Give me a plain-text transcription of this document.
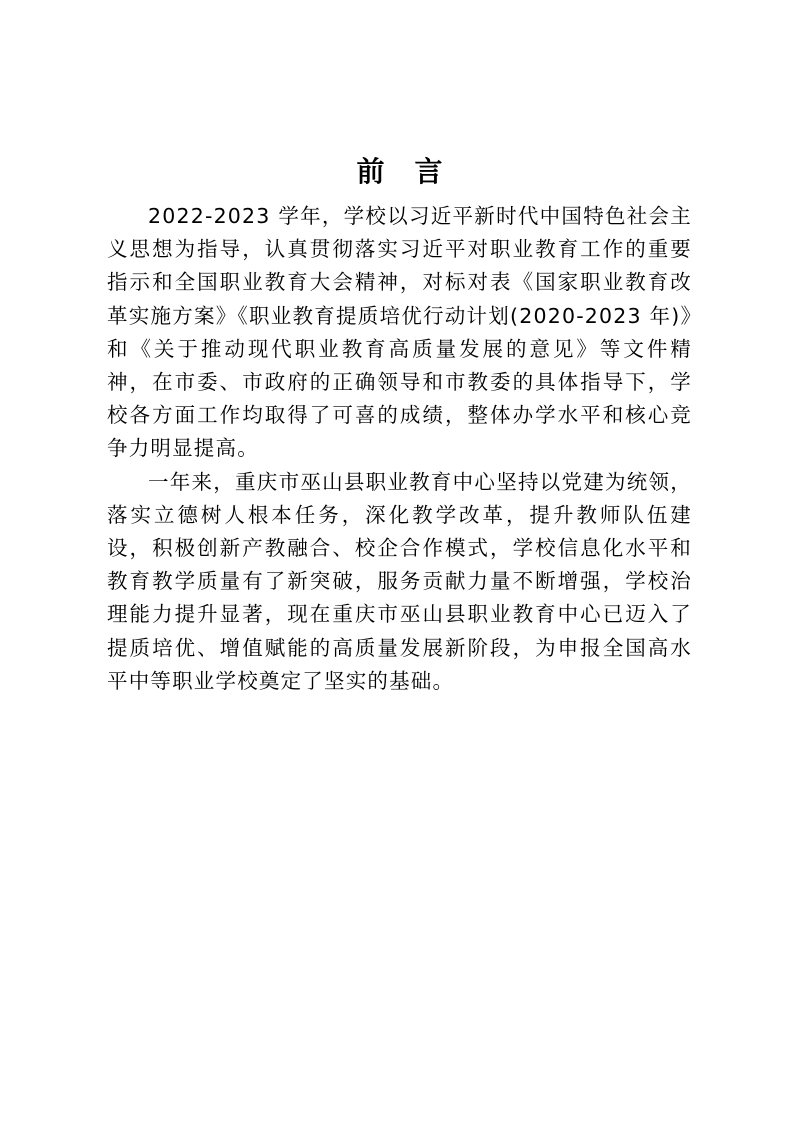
前言

2022-2023 学年，学校以习近平新时代中国特色社会主义思想为指导，认真贯彻落实习近平对职业教育工作的重要指示和全国职业教育大会精神，对标对表《国家职业教育改革实施方案》《职业教育提质培优行动计划(2020-2023 年)》和《关于推动现代职业教育高质量发展的意见》等文件精神，在市委、市政府的正确领导和市教委的具体指导下，学校各方面工作均取得了可喜的成绩，整体办学水平和核心竞争力明显提高。

一年来，重庆市巫山县职业教育中心坚持以党建为统领，落实立德树人根本任务，深化教学改革，提升教师队伍建设，积极创新产教融合、校企合作模式，学校信息化水平和教育教学质量有了新突破，服务贡献力量不断增强，学校治理能力提升显著，现在重庆市巫山县职业教育中心已迈入了提质培优、增值赋能的高质量发展新阶段，为申报全国高水平中等职业学校奠定了坚实的基础。
